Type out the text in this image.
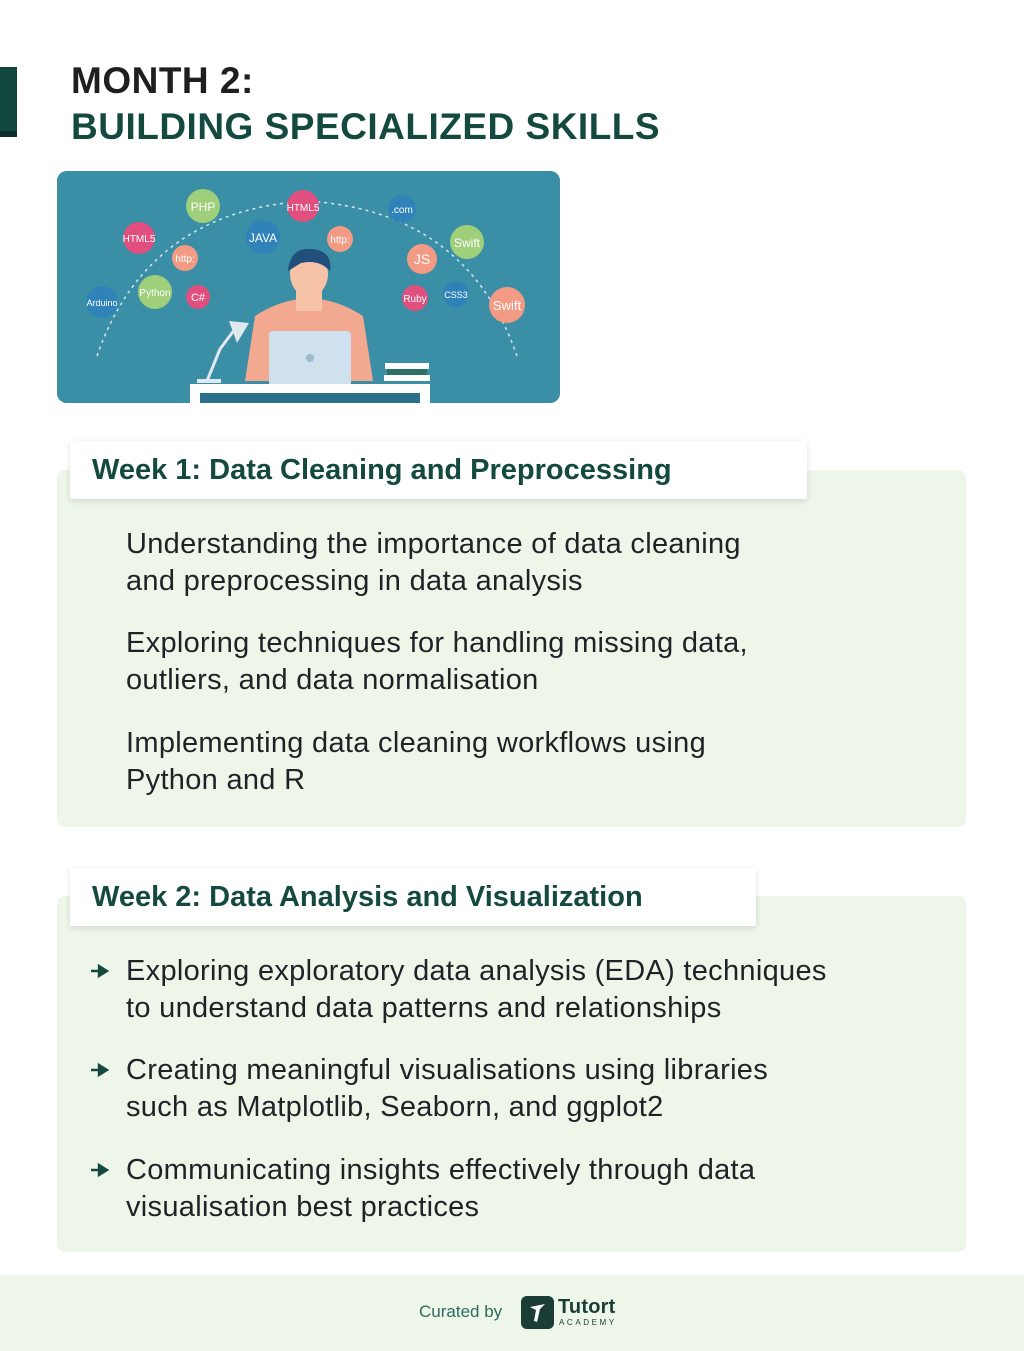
MONTH 2:
BUILDING SPECIALIZED SKILLS
PHP	HTML5
HTML5	JAVA
http:
.com
Swift
http:
JS
Python C#
Arduino	Ruby CSS3
Swift
Week 1: Data Cleaning and Preprocessing
Understanding the importance of data cleaning
and preprocessing in data analysis
Exploring techniques for handling missing data,
outliers, and data normalisation
Implementing data cleaning workflows using
Python and R
Week 2: Data Analysis and Visualization
Exploring exploratory data analysis (EDA) techniques
to understand data patterns and relationships
Creating meaningful visualisations using libraries
such as Matplotlib, Seaborn, and ggplot2
Communicating insights effectively through data
visualisation best practices
Curated by	Tutort
ACADEMY
